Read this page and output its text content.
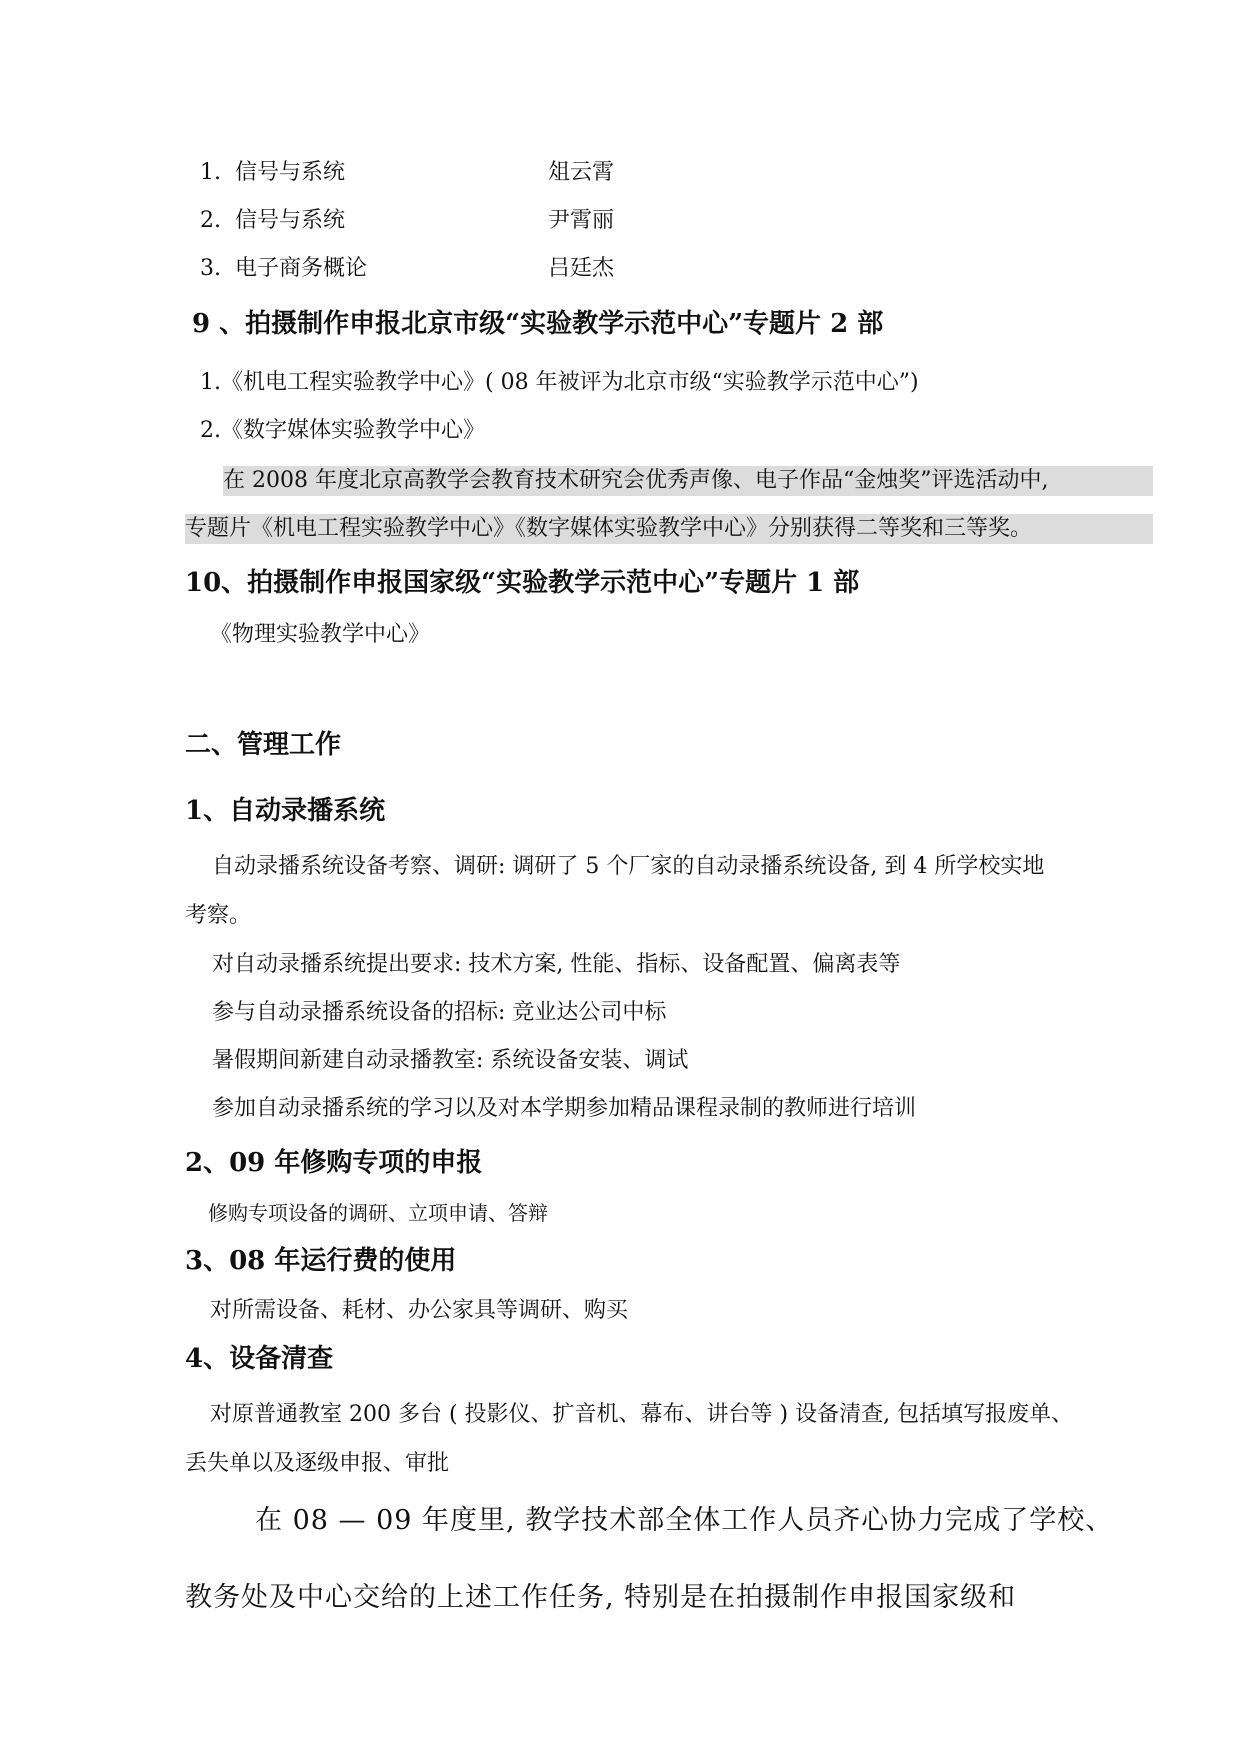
1. 信号与系统	俎云霄
2. 信号与系统	尹霄丽
3. 电子商务概论	吕廷杰
9 、拍摄制作申报北京市级“实验教学示范中心”专题片 2 部
1.《机电工程实验教学中心》( 08 年被评为北京市级“实验教学示范中心”)
2.《数字媒体实验教学中心》
在 2008 年度北京高教学会教育技术研究会优秀声像、电子作品“金烛奖”评选活动中,
专题片《机电工程实验教学中心》《数字媒体实验教学中心》分别获得二等奖和三等奖。
10、拍摄制作申报国家级“实验教学示范中心”专题片 1 部
《物理实验教学中心》
二、管理工作
1、自动录播系统
自动录播系统设备考察、调研: 调研了 5 个厂家的自动录播系统设备, 到 4 所学校实地
考察。
对自动录播系统提出要求: 技术方案, 性能、指标、设备配置、偏离表等
参与自动录播系统设备的招标: 竞业达公司中标
暑假期间新建自动录播教室: 系统设备安装、调试
参加自动录播系统的学习以及对本学期参加精品课程录制的教师进行培训
2、09 年修购专项的申报
修购专项设备的调研、立项申请、答辩
3、08 年运行费的使用
对所需设备、耗材、办公家具等调研、购买
4、设备清查
对原普通教室 200 多台 ( 投影仪、扩音机、幕布、讲台等 ) 设备清查, 包括填写报废单、
丢失单以及逐级申报、审批
在 08 — 09 年度里, 教学技术部全体工作人员齐心协力完成了学校、
教务处及中心交给的上述工作任务, 特别是在拍摄制作申报国家级和
